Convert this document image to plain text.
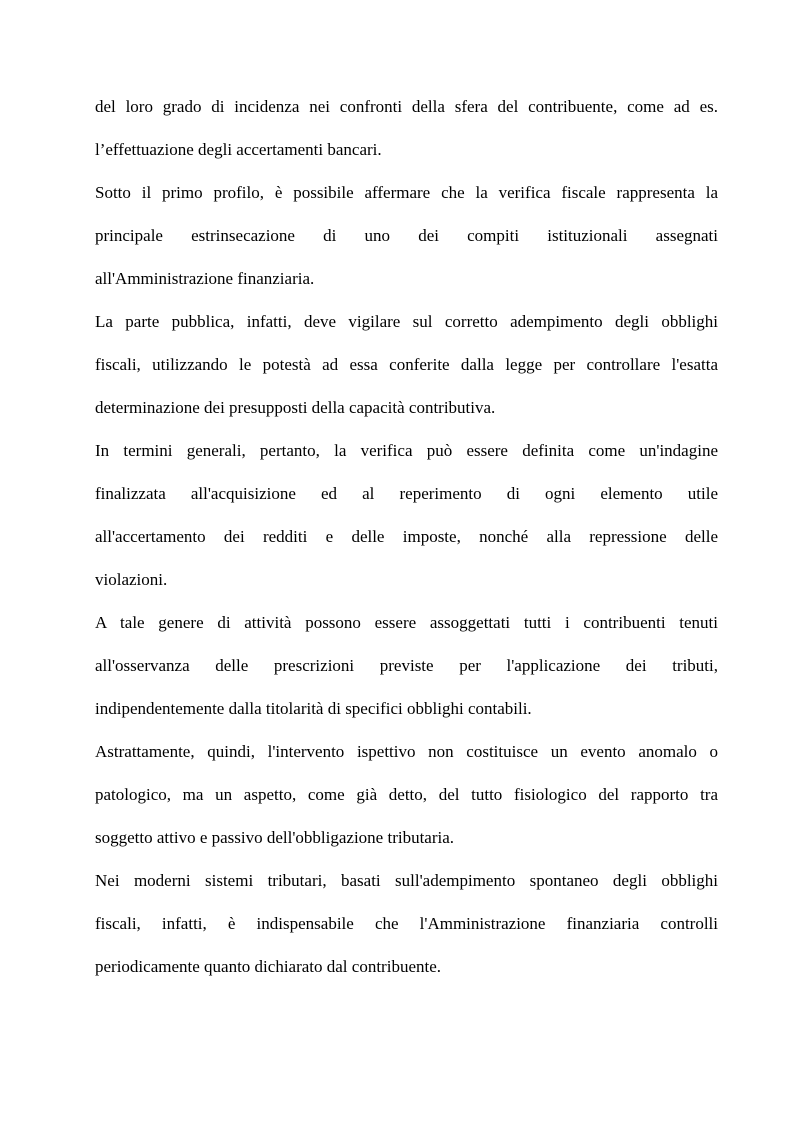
del loro grado di incidenza nei confronti della sfera del contribuente, come ad es.
l’effettuazione degli accertamenti bancari.
Sotto il primo profilo, è possibile affermare che la verifica fiscale rappresenta la
principale estrinsecazione di uno dei compiti istituzionali assegnati
all'Amministrazione finanziaria.
La parte pubblica, infatti, deve vigilare sul corretto adempimento degli obblighi
fiscali, utilizzando le potestà ad essa conferite dalla legge per controllare l'esatta
determinazione dei presupposti della capacità contributiva.
In termini generali, pertanto, la verifica può essere definita come un'indagine
finalizzata all'acquisizione ed al reperimento di ogni elemento utile
all'accertamento dei redditi e delle imposte, nonché alla repressione delle
violazioni.
A tale genere di attività possono essere assoggettati tutti i contribuenti tenuti
all'osservanza delle prescrizioni previste per l'applicazione dei tributi,
indipendentemente dalla titolarità di specifici obblighi contabili.
Astrattamente, quindi, l'intervento ispettivo non costituisce un evento anomalo o
patologico, ma un aspetto, come già detto, del tutto fisiologico del rapporto tra
soggetto attivo e passivo dell'obbligazione tributaria.
Nei moderni sistemi tributari, basati sull'adempimento spontaneo degli obblighi
fiscali, infatti, è indispensabile che l'Amministrazione finanziaria controlli
periodicamente quanto dichiarato dal contribuente.
